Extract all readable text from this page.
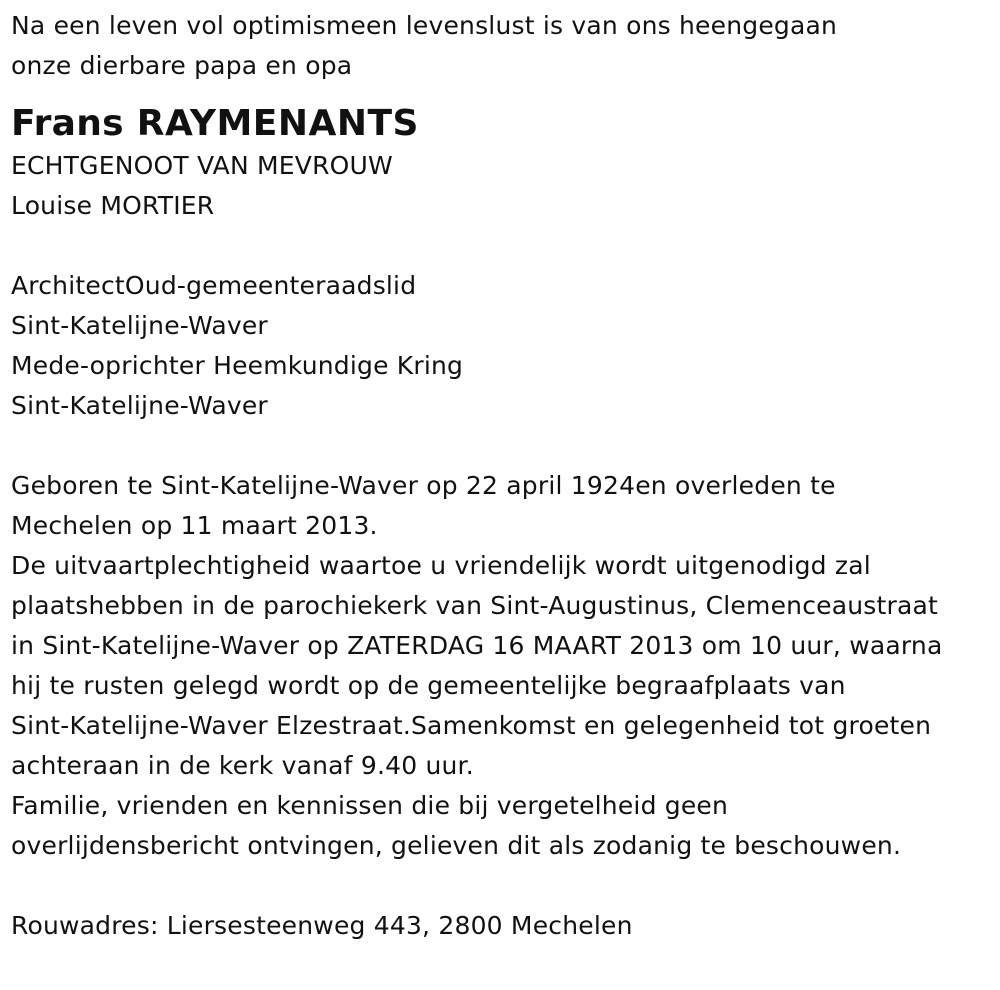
Na een leven vol optimismeen levenslust is van ons heengegaan
onze dierbare papa en opa
Frans RAYMENANTS
ECHTGENOOT VAN MEVROUW
Louise MORTIER
ArchitectOud-gemeenteraadslid
Sint-Katelijne-Waver
Mede-oprichter Heemkundige Kring
Sint-Katelijne-Waver
Geboren te Sint-Katelijne-Waver op 22 april 1924en overleden te
Mechelen op 11 maart 2013.
De uitvaartplechtigheid waartoe u vriendelijk wordt uitgenodigd zal
plaatshebben in de parochiekerk van Sint-Augustinus, Clemenceaustraat
in Sint-Katelijne-Waver op ZATERDAG 16 MAART 2013 om 10 uur, waarna
hij te rusten gelegd wordt op de gemeentelijke begraafplaats van
Sint-Katelijne-Waver Elzestraat.Samenkomst en gelegenheid tot groeten
achteraan in de kerk vanaf 9.40 uur.
Familie, vrienden en kennissen die bij vergetelheid geen
overlijdensbericht ontvingen, gelieven dit als zodanig te beschouwen.
Rouwadres: Liersesteenweg 443, 2800 Mechelen
